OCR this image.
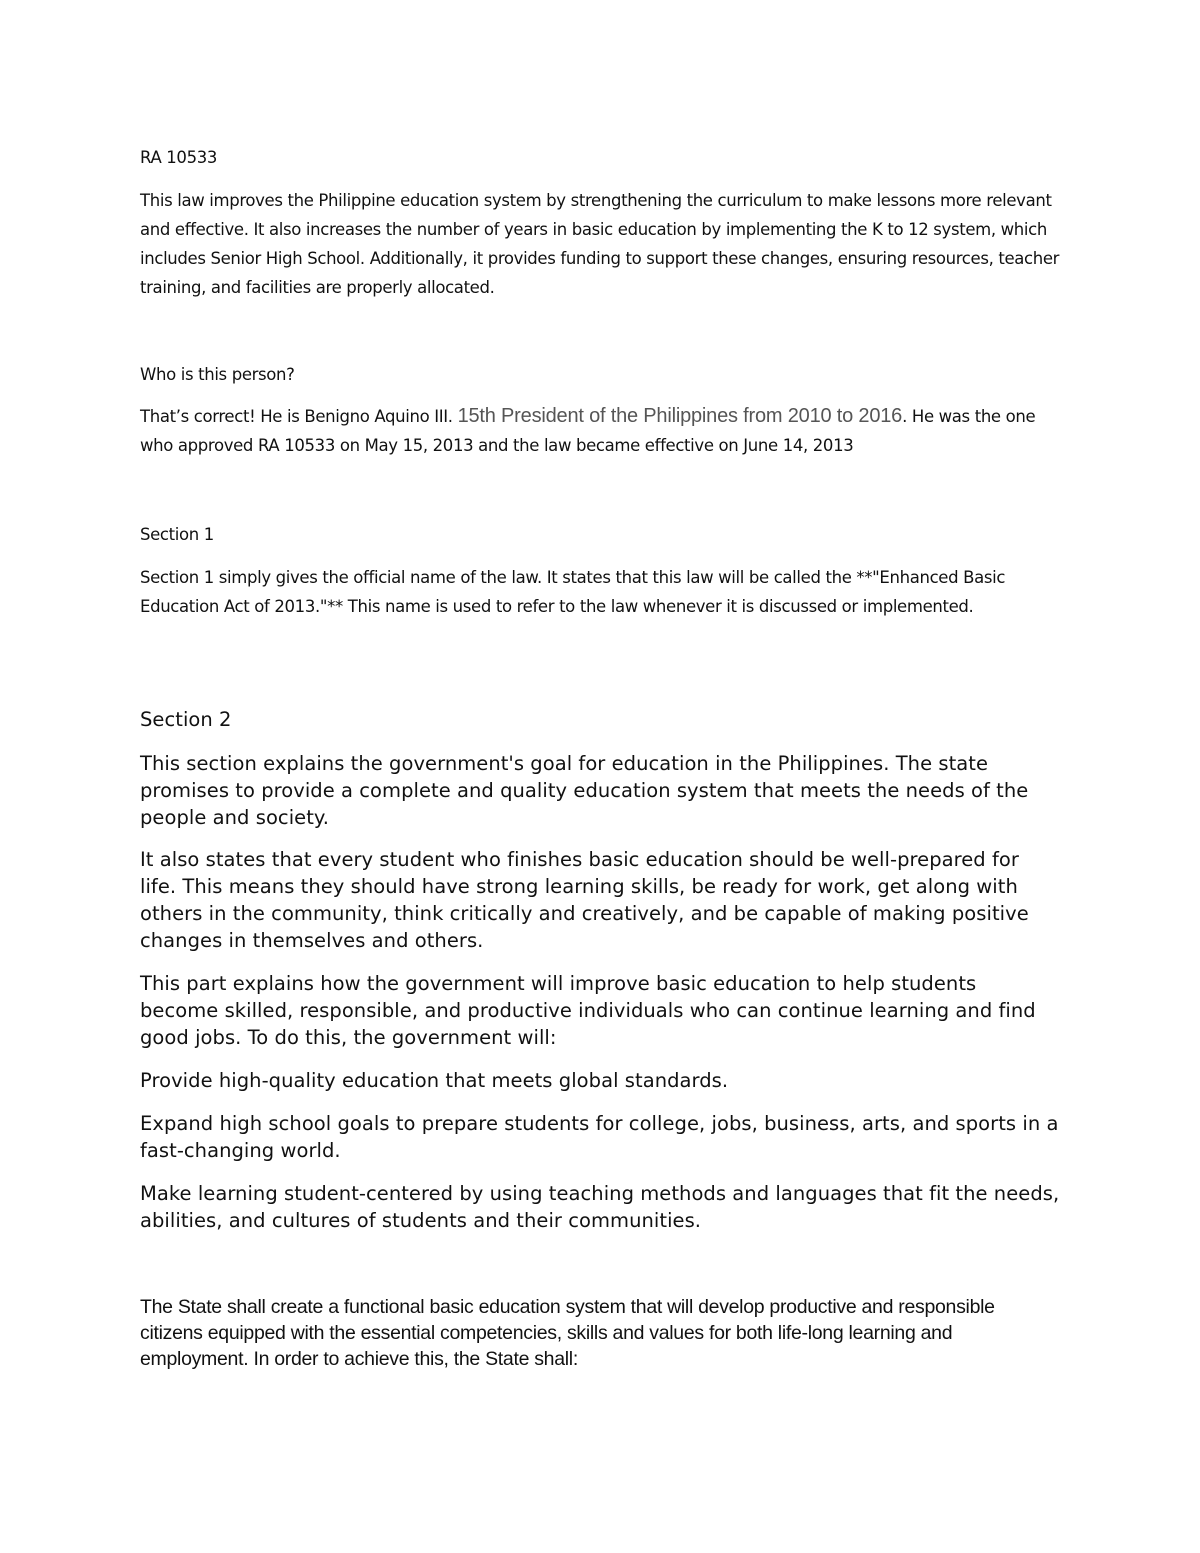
RA 10533

This law improves the Philippine education system by strengthening the curriculum to make lessons more relevant and effective. It also increases the number of years in basic education by implementing the K to 12 system, which includes Senior High School. Additionally, it provides funding to support these changes, ensuring resources, teacher training, and facilities are properly allocated.

Who is this person?

That’s correct! He is Benigno Aquino III. 15th President of the Philippines from 2010 to 2016. He was the one who approved RA 10533 on May 15, 2013 and the law became effective on June 14, 2013

Section 1

Section 1 simply gives the official name of the law. It states that this law will be called the **"Enhanced Basic Education Act of 2013."** This name is used to refer to the law whenever it is discussed or implemented.

Section 2

This section explains the government's goal for education in the Philippines. The state promises to provide a complete and quality education system that meets the needs of the people and society.

It also states that every student who finishes basic education should be well-prepared for life. This means they should have strong learning skills, be ready for work, get along with others in the community, think critically and creatively, and be capable of making positive changes in themselves and others.

This part explains how the government will improve basic education to help students become skilled, responsible, and productive individuals who can continue learning and find good jobs. To do this, the government will:

Provide high-quality education that meets global standards.

Expand high school goals to prepare students for college, jobs, business, arts, and sports in a fast-changing world.

Make learning student-centered by using teaching methods and languages that fit the needs, abilities, and cultures of students and their communities.

The State shall create a functional basic education system that will develop productive and responsible citizens equipped with the essential competencies, skills and values for both life-long learning and employment. In order to achieve this, the State shall:
